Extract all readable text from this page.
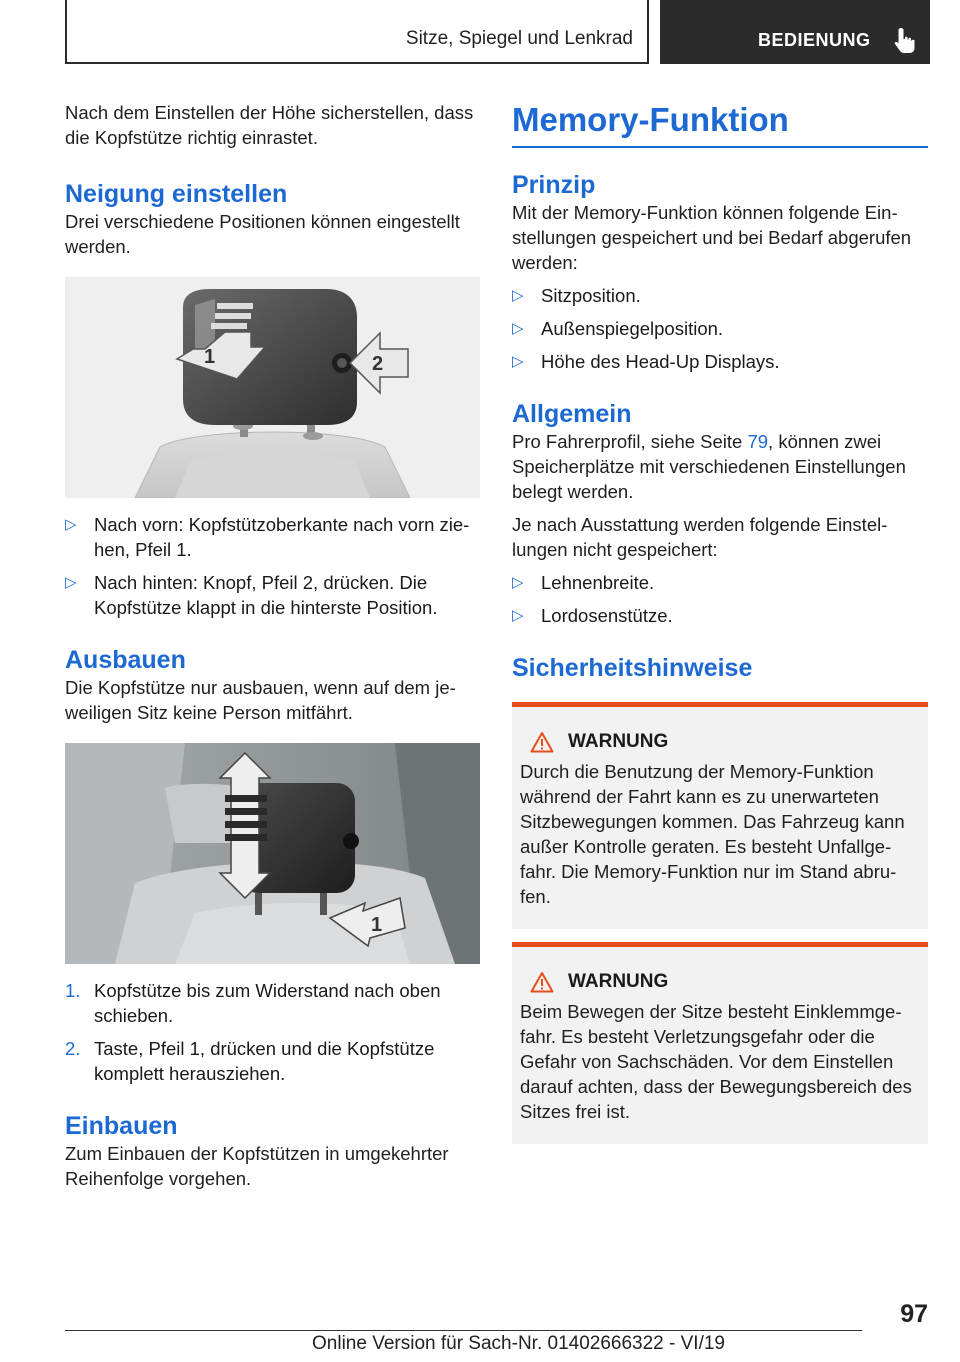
Sitze, Spiegel und Lenkrad	BEDIENUNG

Nach dem Einstellen der Höhe sicherstellen, dass die Kopfstütze richtig einrastet.

Neigung einstellen

Drei verschiedene Positionen können eingestellt werden.

1	2
▷ Nach vorn: Kopfstützoberkante nach vorn zie-hen, Pfeil 1.
▷ Nach hinten: Knopf, Pfeil 2, drücken. Die Kopfstütze klappt in die hinterste Position.
Ausbauen

Die Kopfstütze nur ausbauen, wenn auf dem je-weiligen Sitz keine Person mitfährt.

1
1. Kopfstütze bis zum Widerstand nach oben schieben.
2. Taste, Pfeil 1, drücken und die Kopfstütze komplett herausziehen.
Einbauen

Zum Einbauen der Kopfstützen in umgekehrter Reihenfolge vorgehen.

Memory-Funktion
Prinzip

Mit der Memory-Funktion können folgende Ein-stellungen gespeichert und bei Bedarf abgerufen werden:

▷ Sitzposition.
▷ Außenspiegelposition.
▷ Höhe des Head-Up Displays.
Allgemein

Pro Fahrerprofil, siehe Seite 79, können zwei Speicherplätze mit verschiedenen Einstellungen belegt werden.

Je nach Ausstattung werden folgende Einstel-lungen nicht gespeichert:

▷ Lehnenbreite.
▷ Lordosenstütze.
Sicherheitshinweise
WARNUNG

Durch die Benutzung der Memory-Funktion während der Fahrt kann es zu unerwarteten Sitzbewegungen kommen. Das Fahrzeug kann außer Kontrolle geraten. Es besteht Unfallge-fahr. Die Memory-Funktion nur im Stand abru-fen.

WARNUNG

Beim Bewegen der Sitze besteht Einklemmge-fahr. Es besteht Verletzungsgefahr oder die Gefahr von Sachschäden. Vor dem Einstellen darauf achten, dass der Bewegungsbereich des Sitzes frei ist.

97
Online Version für Sach-Nr. 01402666322 - VI/19
